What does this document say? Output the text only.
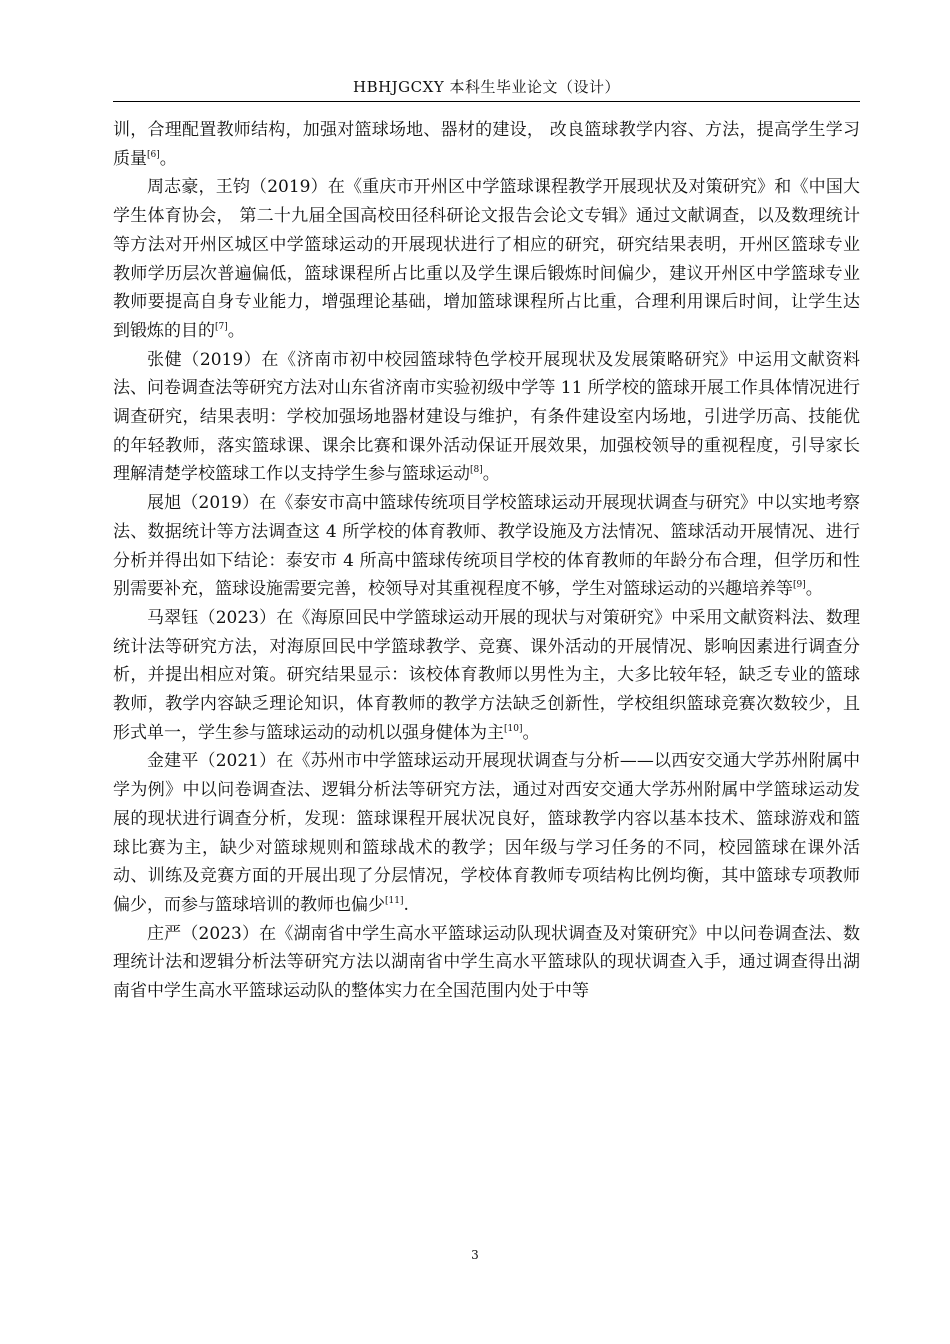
HBHJGCXY 本科生毕业论文（设计）

训，合理配置教师结构，加强对篮球场地、器材的建设， 改良篮球教学内容、方法，提高学生学习质量[6]。

周志豪，王钧（2019）在《重庆市开州区中学篮球课程教学开展现状及对策研究》和《中国大学生体育协会， 第二十九届全国高校田径科研论文报告会论文专辑》通过文献调查，以及数理统计等方法对开州区城区中学篮球运动的开展现状进行了相应的研究，研究结果表明，开州区篮球专业教师学历层次普遍偏低，篮球课程所占比重以及学生课后锻炼时间偏少，建议开州区中学篮球专业教师要提高自身专业能力，增强理论基础，增加篮球课程所占比重，合理利用课后时间，让学生达到锻炼的目的[7]。

张健（2019）在《济南市初中校园篮球特色学校开展现状及发展策略研究》中运用文献资料法、问卷调查法等研究方法对山东省济南市实验初级中学等 11 所学校的篮球开展工作具体情况进行调查研究，结果表明：学校加强场地器材建设与维护，有条件建设室内场地，引进学历高、技能优的年轻教师，落实篮球课、课余比赛和课外活动保证开展效果，加强校领导的重视程度，引导家长理解清楚学校篮球工作以支持学生参与篮球运动[8]。

展旭（2019）在《泰安市高中篮球传统项目学校篮球运动开展现状调查与研究》中以实地考察法、数据统计等方法调查这 4 所学校的体育教师、教学设施及方法情况、篮球活动开展情况、进行分析并得出如下结论：泰安市 4 所高中篮球传统项目学校的体育教师的年龄分布合理，但学历和性别需要补充，篮球设施需要完善，校领导对其重视程度不够，学生对篮球运动的兴趣培养等[9]。

马翠钰（2023）在《海原回民中学篮球运动开展的现状与对策研究》中采用文献资料法、数理统计法等研究方法，对海原回民中学篮球教学、竞赛、课外活动的开展情况、影响因素进行调查分析，并提出相应对策。研究结果显示：该校体育教师以男性为主，大多比较年轻，缺乏专业的篮球教师，教学内容缺乏理论知识，体育教师的教学方法缺乏创新性，学校组织篮球竞赛次数较少，且形式单一，学生参与篮球运动的动机以强身健体为主[10]。

金建平（2021）在《苏州市中学篮球运动开展现状调查与分析——以西安交通大学苏州附属中学为例》中以问卷调查法、逻辑分析法等研究方法，通过对西安交通大学苏州附属中学篮球运动发展的现状进行调查分析，发现：篮球课程开展状况良好，篮球教学内容以基本技术、篮球游戏和篮球比赛为主，缺少对篮球规则和篮球战术的教学；因年级与学习任务的不同，校园篮球在课外活动、训练及竞赛方面的开展出现了分层情况，学校体育教师专项结构比例均衡，其中篮球专项教师偏少，而参与篮球培训的教师也偏少[11].

庄严（2023）在《湖南省中学生高水平篮球运动队现状调查及对策研究》中以问卷调查法、数理统计法和逻辑分析法等研究方法以湖南省中学生高水平篮球队的现状调查入手，通过调查得出湖南省中学生高水平篮球运动队的整体实力在全国范围内处于中等

3
